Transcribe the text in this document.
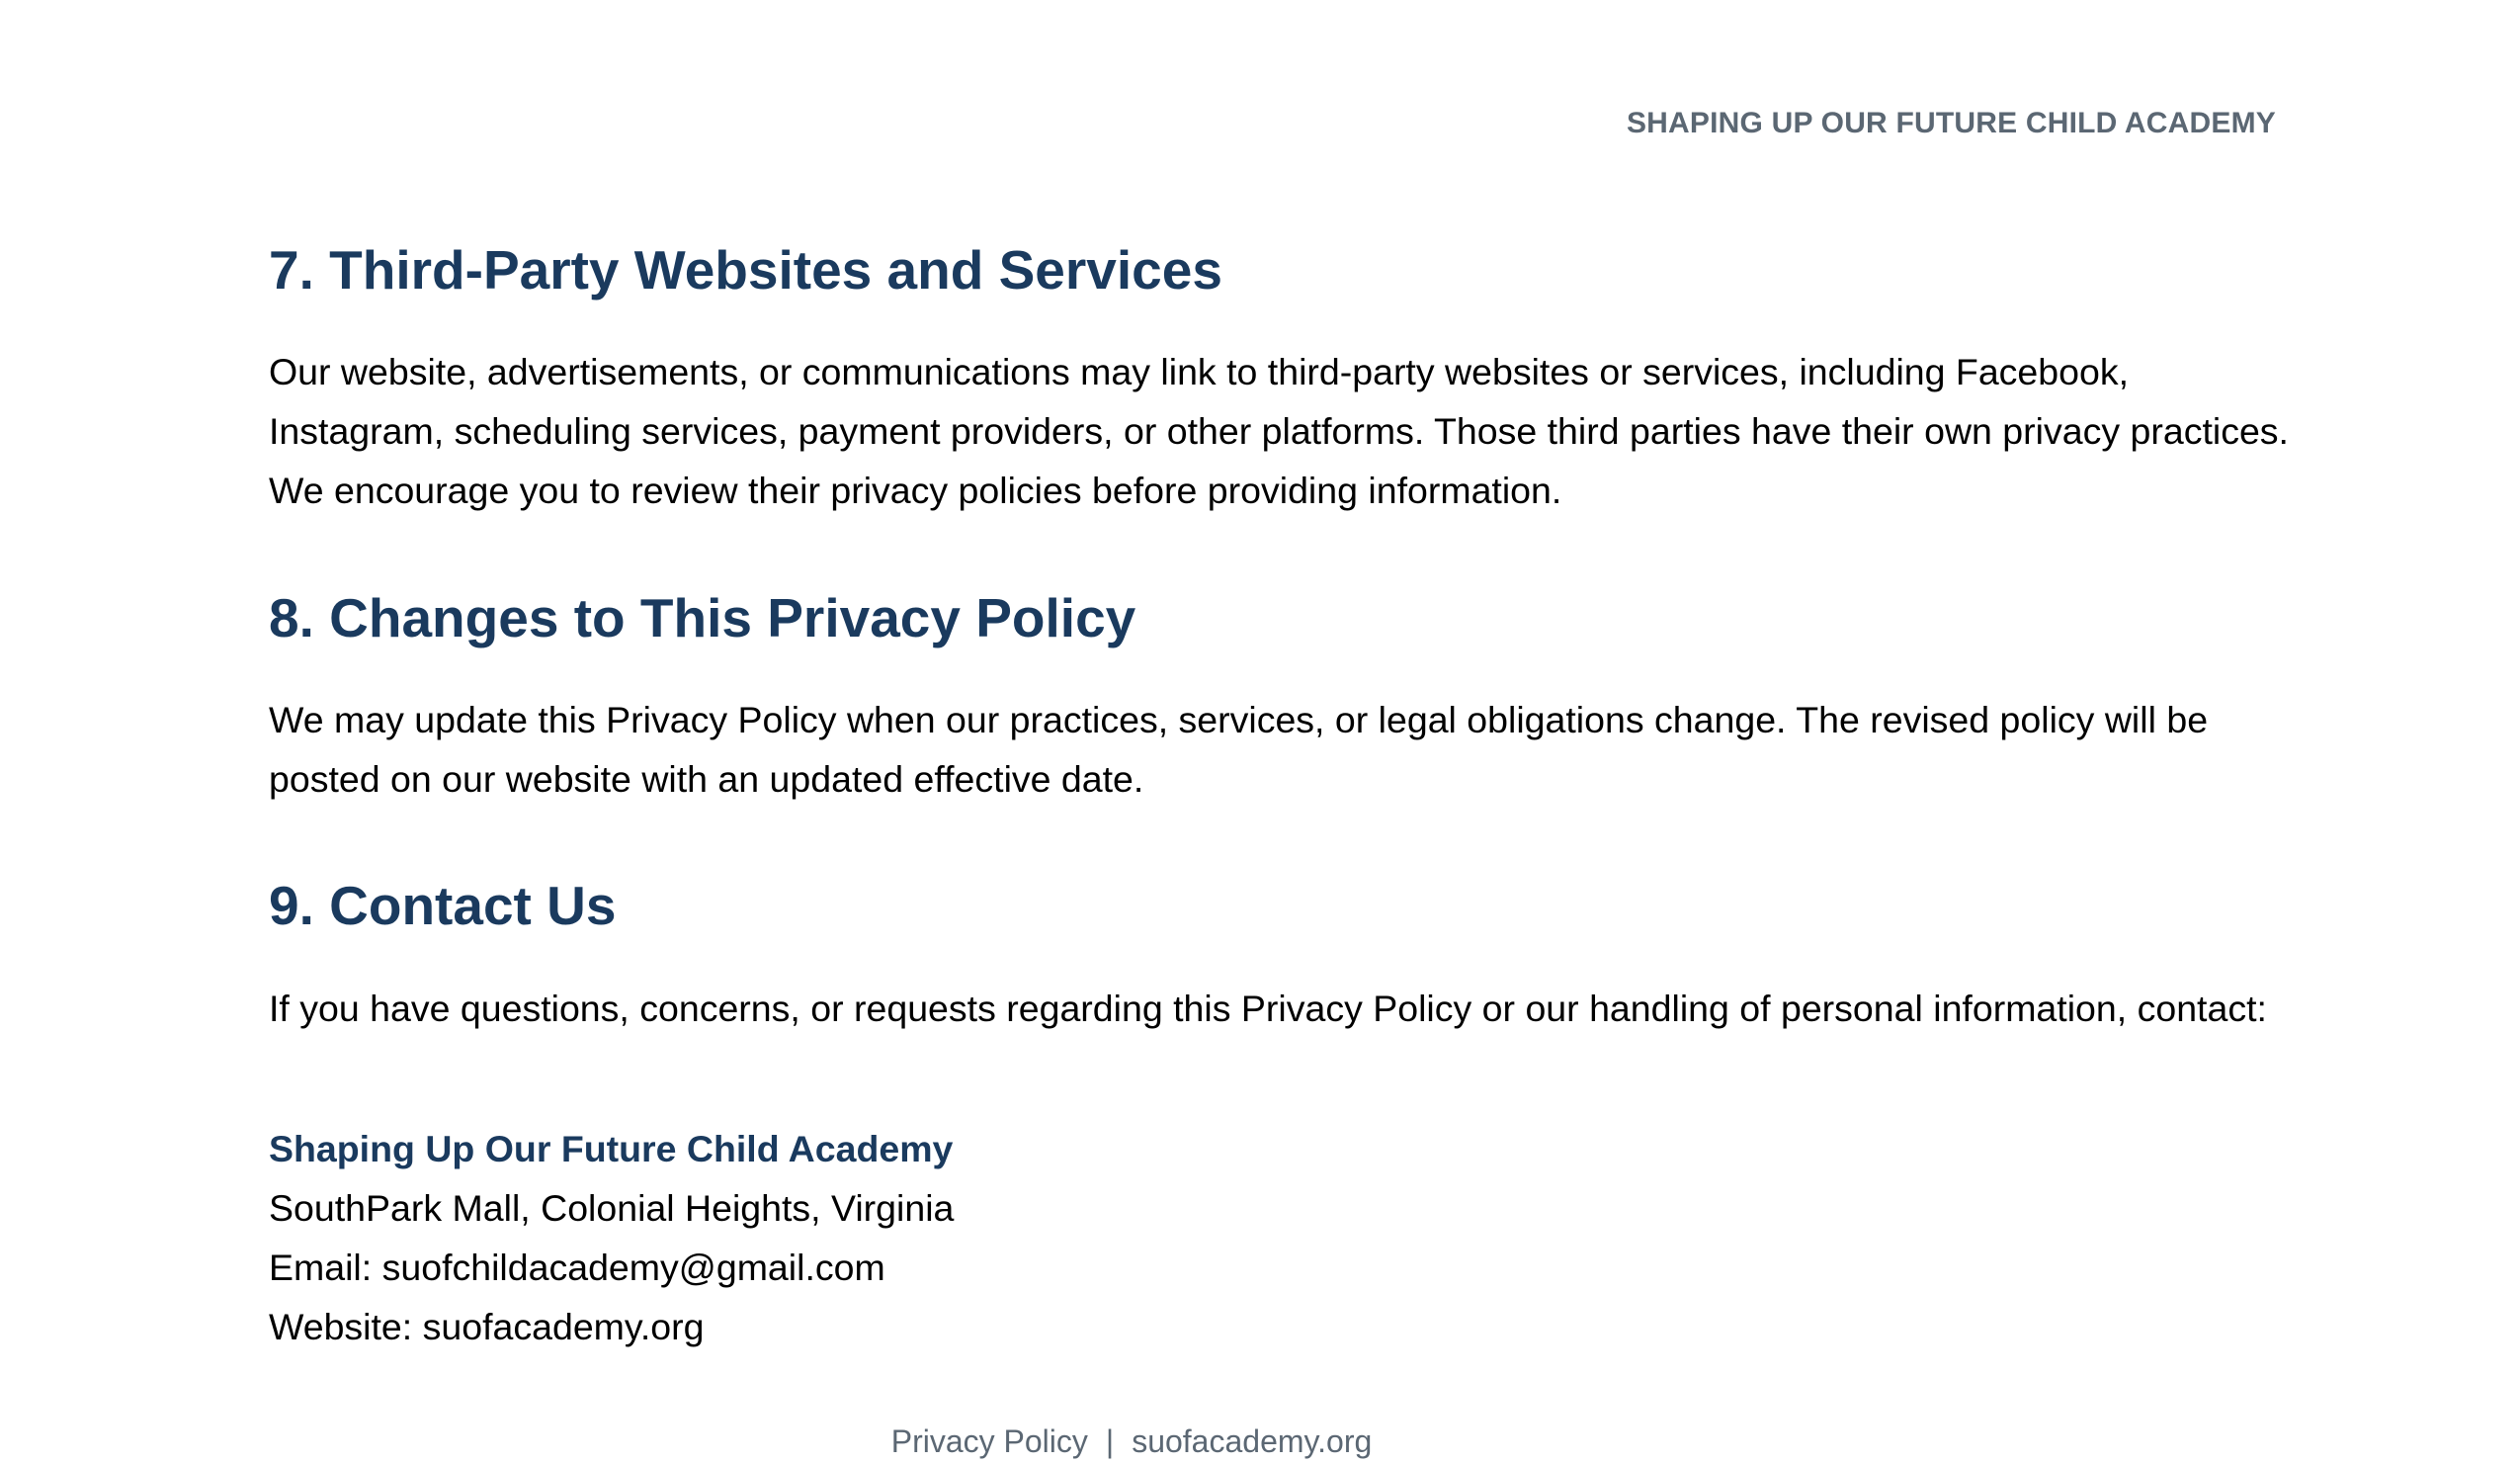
SHAPING UP OUR FUTURE CHILD ACADEMY
7. Third-Party Websites and Services

Our website, advertisements, or communications may link to third-party websites or services, including Facebook, Instagram, scheduling services, payment providers, or other platforms. Those third parties have their own privacy practices. We encourage you to review their privacy policies before providing information.

8. Changes to This Privacy Policy

We may update this Privacy Policy when our practices, services, or legal obligations change. The revised policy will be posted on our website with an updated effective date.

9. Contact Us

If you have questions, concerns, or requests regarding this Privacy Policy or our handling of personal information, contact:

Shaping Up Our Future Child Academy
SouthPark Mall, Colonial Heights, Virginia
Email: suofchildacademy@gmail.com
Website: suofacademy.org
Privacy Policy | suofacademy.org
